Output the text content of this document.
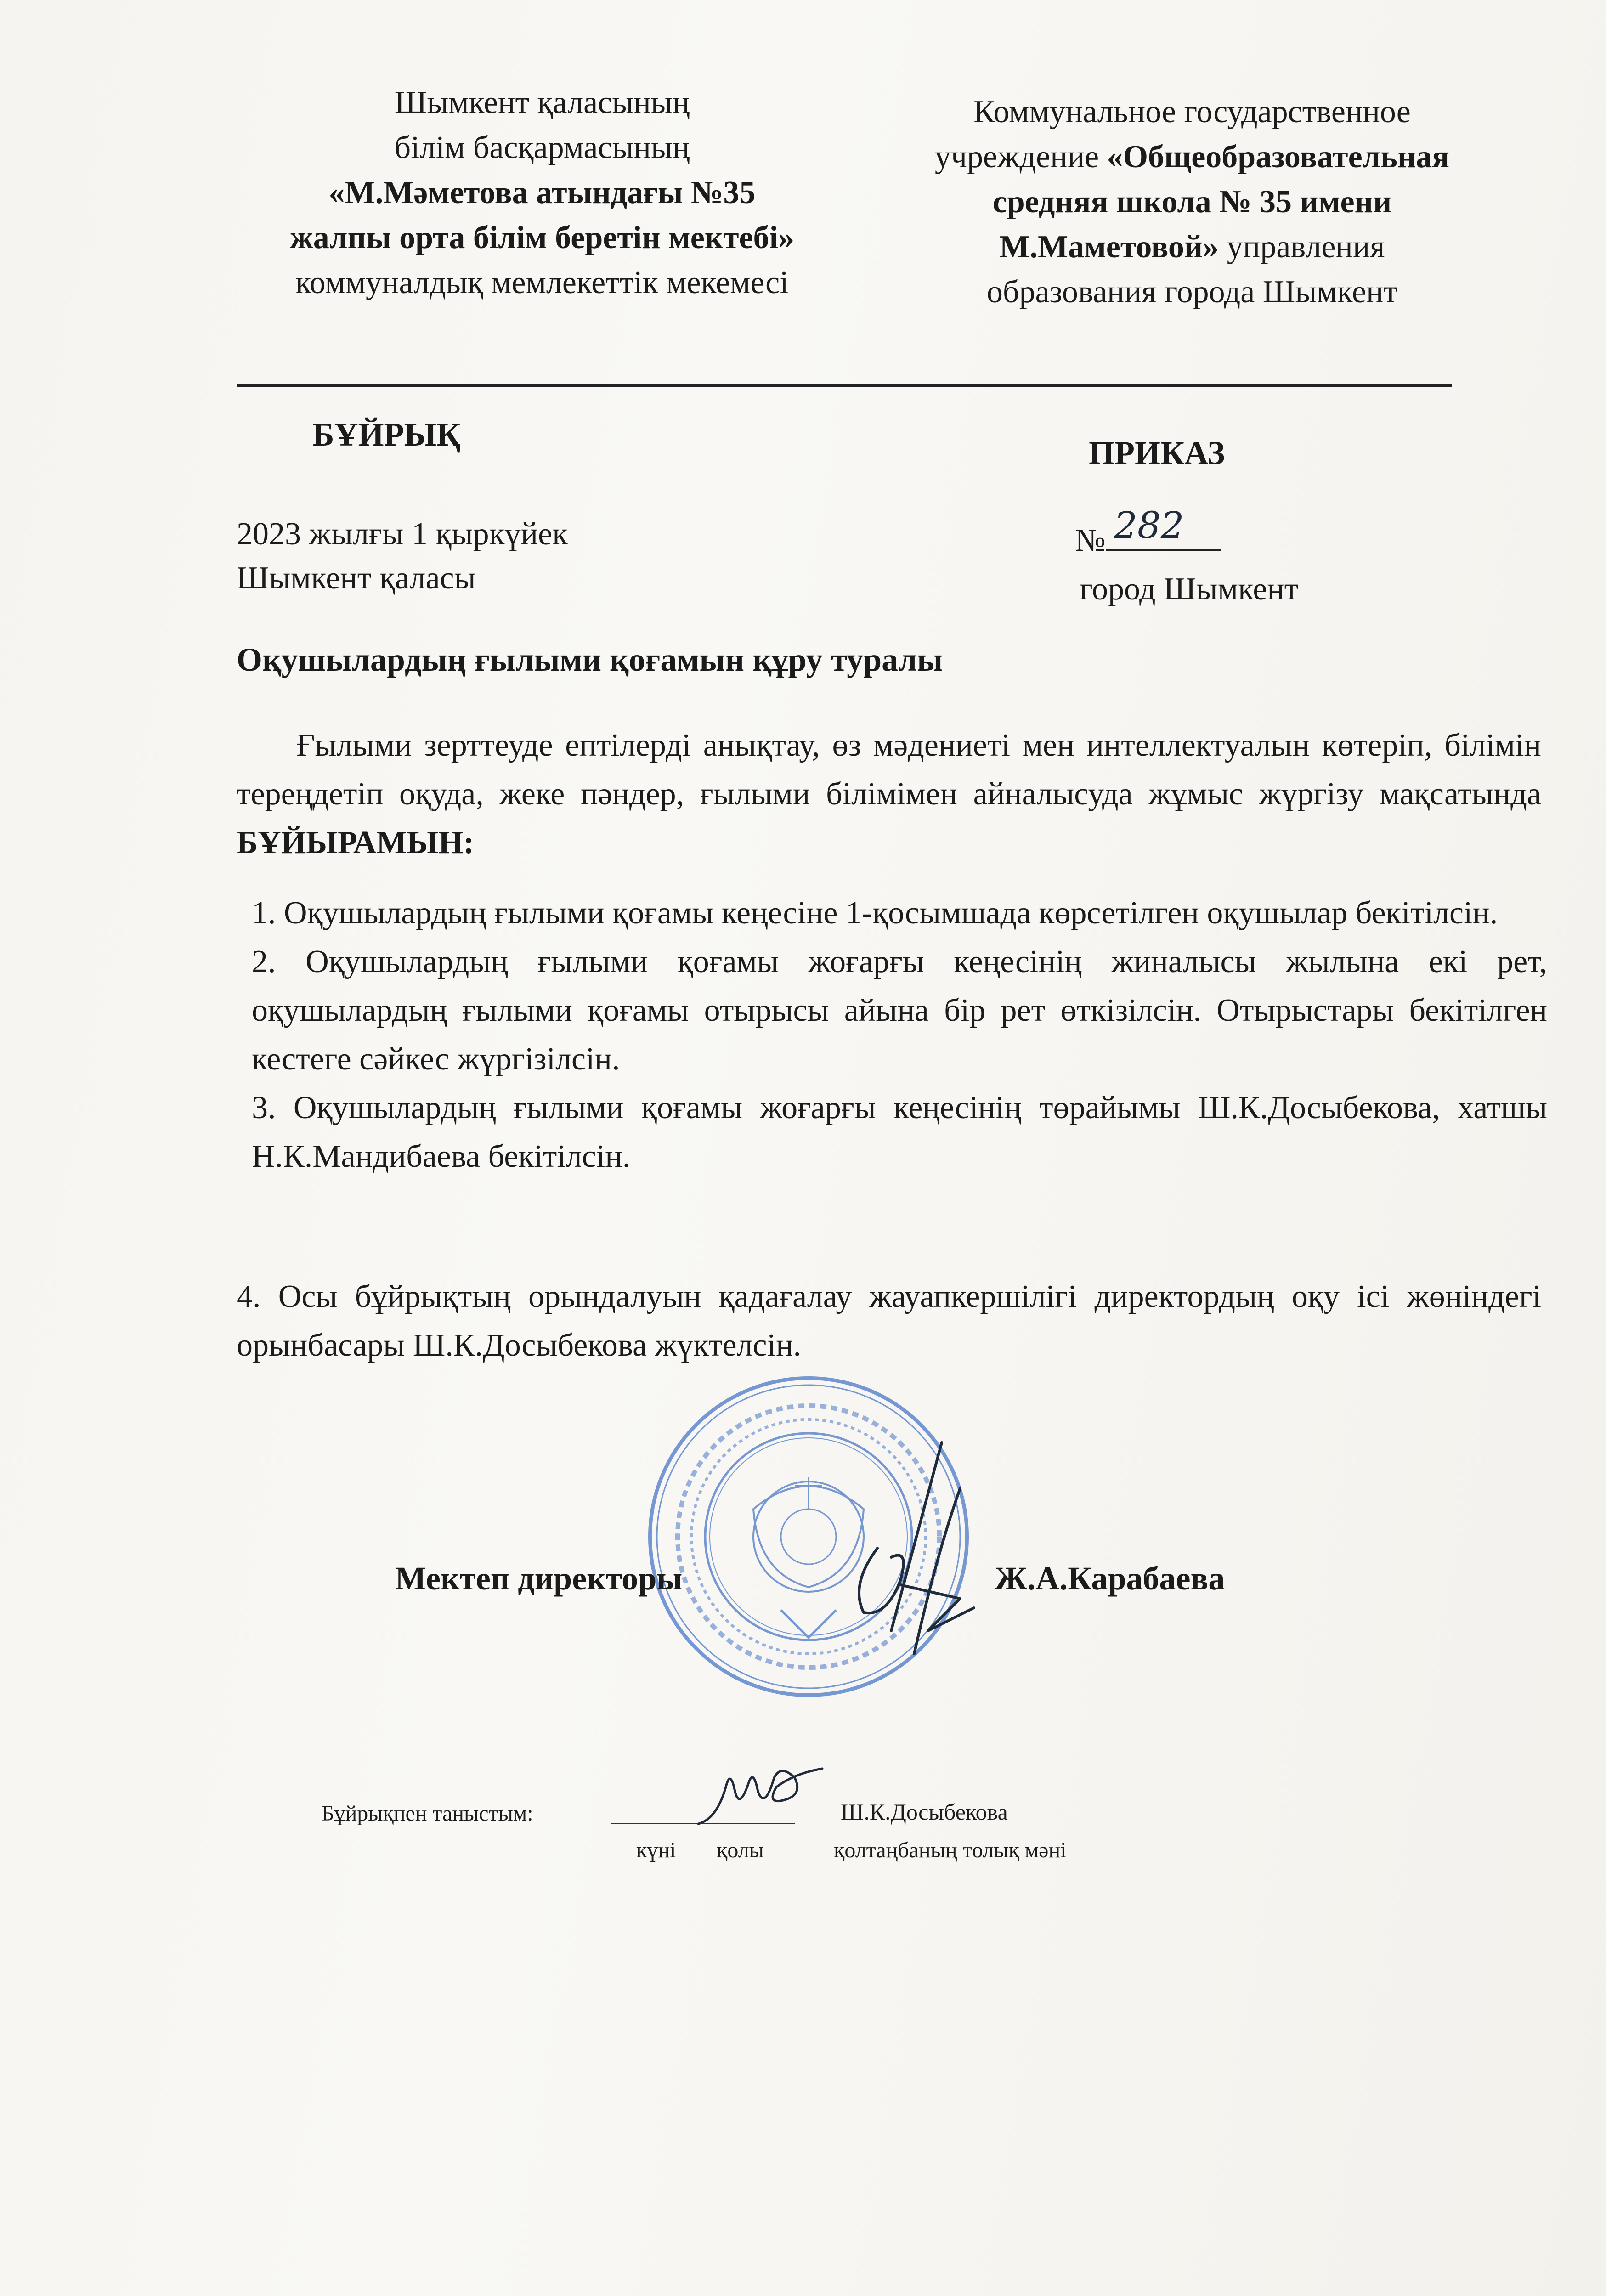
Шымкент қаласының
білім басқармасының
«М.Мәметова атындағы №35
жалпы орта білім беретін мектебі»
коммуналдық мемлекеттік мекемесі
Коммунальное государственное
учреждение «Общеобразовательная
средняя школа № 35 имени
М.Маметовой» управления
образования города Шымкент
БҰЙРЫҚ	ПРИКАЗ
2023 жылғы 1 қыркүйек
Шымкент қаласы
№ 282
город Шымкент
Оқушылардың ғылыми қоғамын құру туралы
Ғылыми зерттеуде ептілерді анықтау, өз мәдениеті мен интеллектуалын көтеріп, білімін тереңдетіп оқуда, жеке пәндер, ғылыми білімімен айналысуда жұмыс жүргізу мақсатында БҰЙЫРАМЫН:

1. Оқушылардың ғылыми қоғамы кеңесіне 1-қосымшада көрсетілген оқушылар бекітілсін.

2. Оқушылардың ғылыми қоғамы жоғарғы кеңесінің жиналысы жылына екі рет, оқушылардың ғылыми қоғамы отырысы айына бір рет өткізілсін. Отырыстары бекітілген кестеге сәйкес жүргізілсін.

3. Оқушылардың ғылыми қоғамы жоғарғы кеңесінің төрайымы Ш.К.Досыбекова, хатшы Н.К.Мандибаева бекітілсін.

4. Осы бұйрықтың орындалуын қадағалау жауапкершілігі директордың оқу ісі жөніндегі орынбасары Ш.К.Досыбекова жүктелсін.
Мектеп директоры	Ж.А.Карабаева
Бұйрықпен таныстым:	Ш.К.Досыбекова
күні қолы	қолтаңбаның толық мәні
